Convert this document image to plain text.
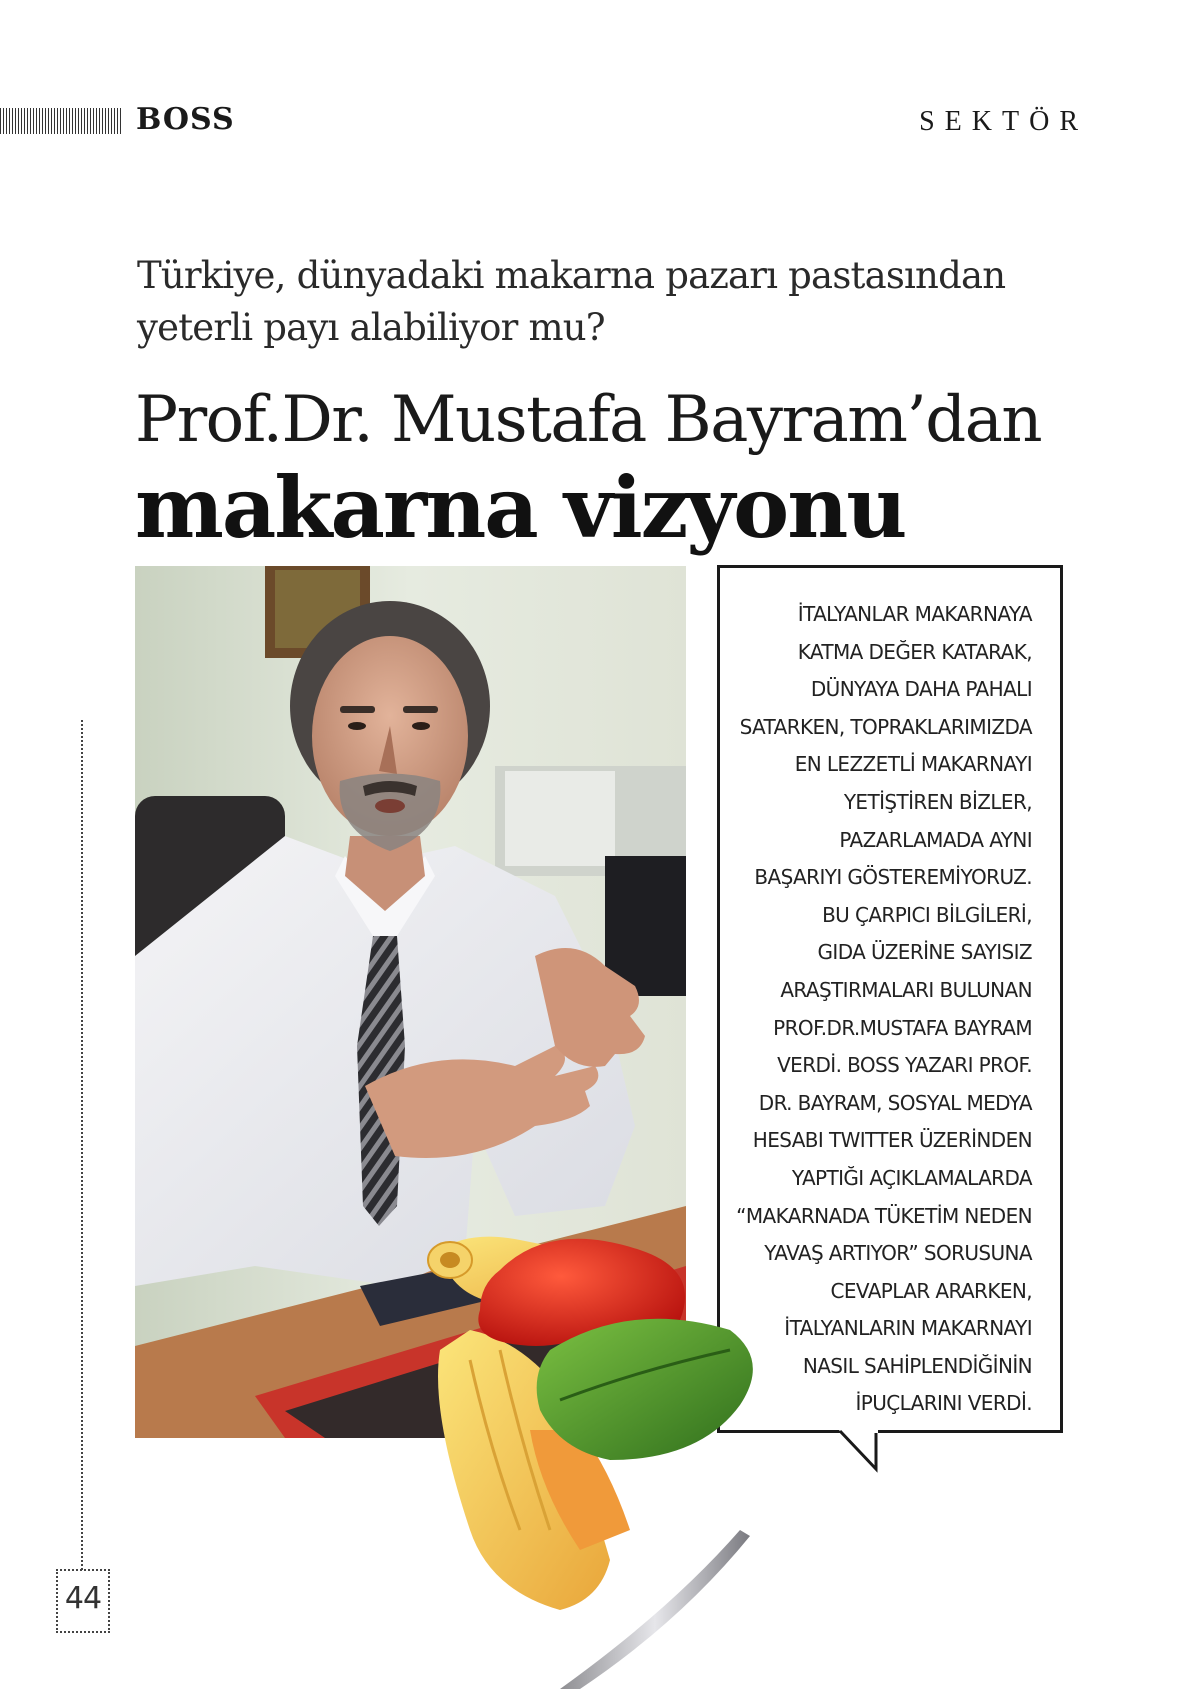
BOSS	SEKTÖR
Türkiye, dünyadaki makarna pazarı pastasından yeterli payı alabiliyor mu?
Prof.Dr. Mustafa Bayram’dan
makarna vizyonu
İTALYANLAR MAKARNAYA
KATMA DEĞER KATARAK,
DÜNYAYA DAHA PAHALI
SATARKEN, TOPRAKLARIMIZDA
EN LEZZETLİ MAKARNAYI
YETİŞTİREN BİZLER,
PAZARLAMADA AYNI
BAŞARIYI GÖSTEREMİYORUZ.
BU ÇARPICI BİLGİLERİ,
GIDA ÜZERİNE SAYISIZ
ARAŞTIRMALARI BULUNAN
PROF.DR.MUSTAFA BAYRAM
VERDİ. BOSS YAZARI PROF.
DR. BAYRAM, SOSYAL MEDYA
HESABI TWITTER ÜZERİNDEN
YAPTIĞI AÇIKLAMALARDA
“MAKARNADA TÜKETİM NEDEN
YAVAŞ ARTIYOR” SORUSUNA
CEVAPLAR ARARKEN,
İTALYANLARIN MAKARNAYI
NASIL SAHİPLENDİĞİNİN
İPUÇLARINI VERDİ.
44
